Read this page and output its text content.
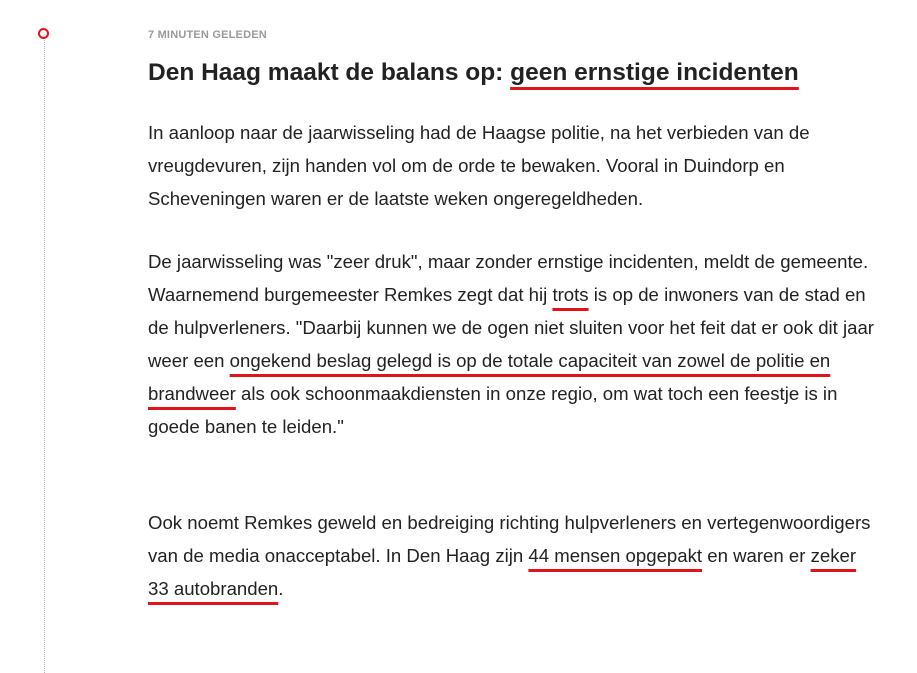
7 MINUTEN GELEDEN
Den Haag maakt de balans op: geen ernstige incidenten

In aanloop naar de jaarwisseling had de Haagse politie, na het verbieden van de vreugdevuren, zijn handen vol om de orde te bewaken. Vooral in Duindorp en Scheveningen waren er de laatste weken ongeregeldheden.

De jaarwisseling was "zeer druk", maar zonder ernstige incidenten, meldt de gemeente. Waarnemend burgemeester Remkes zegt dat hij trots is op de inwoners van de stad en de hulpverleners. "Daarbij kunnen we de ogen niet sluiten voor het feit dat er ook dit jaar weer een ongekend beslag gelegd is op de totale capaciteit van zowel de politie en brandweer als ook schoonmaakdiensten in onze regio, om wat toch een feestje is in goede banen te leiden."

Ook noemt Remkes geweld en bedreiging richting hulpverleners en vertegenwoordigers van de media onacceptabel. In Den Haag zijn 44 mensen opgepakt en waren er zeker 33 autobranden.
